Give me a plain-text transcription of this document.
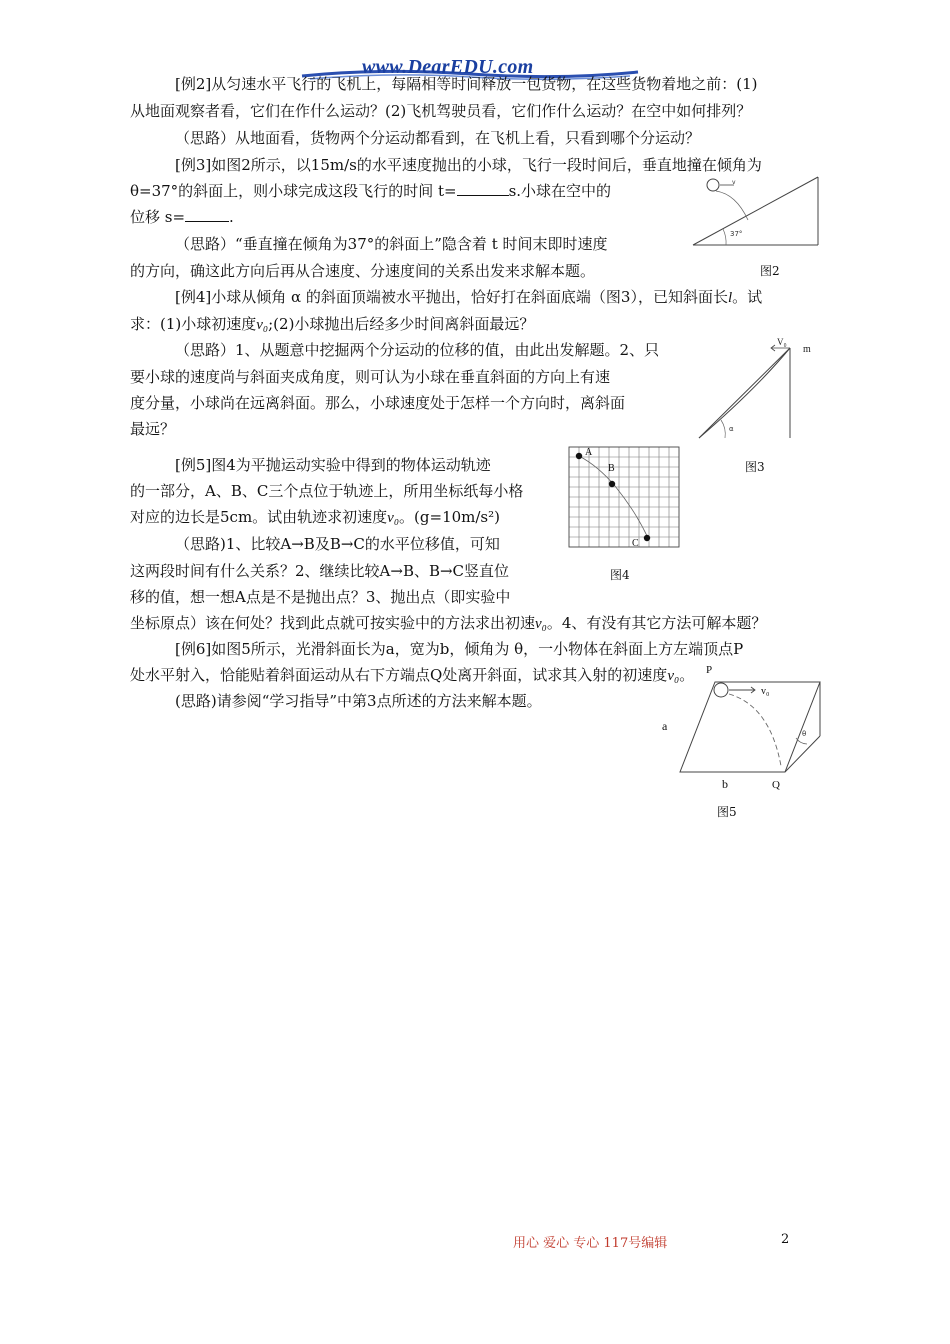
www.DearEDU.com
[例2]从匀速水平飞行的飞机上，每隔相等时间释放一包货物，在这些货物着地之前：(1)
从地面观察者看，它们在作什么运动？(2)飞机驾驶员看，它们作什么运动？在空中如何排列？
（思路）从地面看，货物两个分运动都看到，在飞机上看，只看到哪个分运动？
[例3]如图2所示，以15m/s的水平速度抛出的小球，飞行一段时间后，垂直地撞在倾角为
θ=37°的斜面上，则小球完成这段飞行的时间 t=	s.小球在空中的
位移 s=	.
（思路）“垂直撞在倾角为37°的斜面上”隐含着 t 时间末即时速度
的方向，确这此方向后再从合速度、分速度间的关系出发来求解本题。
37°
v
图2
[例4]小球从倾角 α 的斜面顶端被水平抛出，恰好打在斜面底端（图3），已知斜面长l。试
求：(1)小球初速度v₀;(2)小球抛出后经多少时间离斜面最远？
（思路）1、从题意中挖掘两个分运动的位移的值，由此出发解题。2、只
要小球的速度尚与斜面夹成角度，则可认为小球在垂直斜面的方向上有速
度分量，小球尚在远离斜面。那么，小球速度处于怎样一个方向时，离斜面
最远？
V₀
m
α
图3
[例5]图4为平抛运动实验中得到的物体运动轨迹
的一部分，A、B、C三个点位于轨迹上，所用坐标纸每小格
对应的边长是5cm。试由轨迹求初速度v₀。(g=10m/s²)
（思路)1、比较A→B及B→C的水平位移值，可知
这两段时间有什么关系？2、继续比较A→B、B→C竖直位
移的值，想一想A点是不是抛出点？3、抛出点（即实验中
坐标原点）该在何处？找到此点就可按实验中的方法求出初速v₀。4、有没有其它方法可解本题？
A
B
C
图4
[例6]如图5所示，光滑斜面长为a，宽为b，倾角为 θ，一小物体在斜面上方左端顶点P
处水平射入，恰能贴着斜面运动从右下方端点Q处离开斜面，试求其入射的初速度v₀。
(思路)请参阅“学习指导”中第3点所述的方法来解本题。
P
v₀
a
b	Q
θ
图5
用心 爱心 专心 117号编辑	2
